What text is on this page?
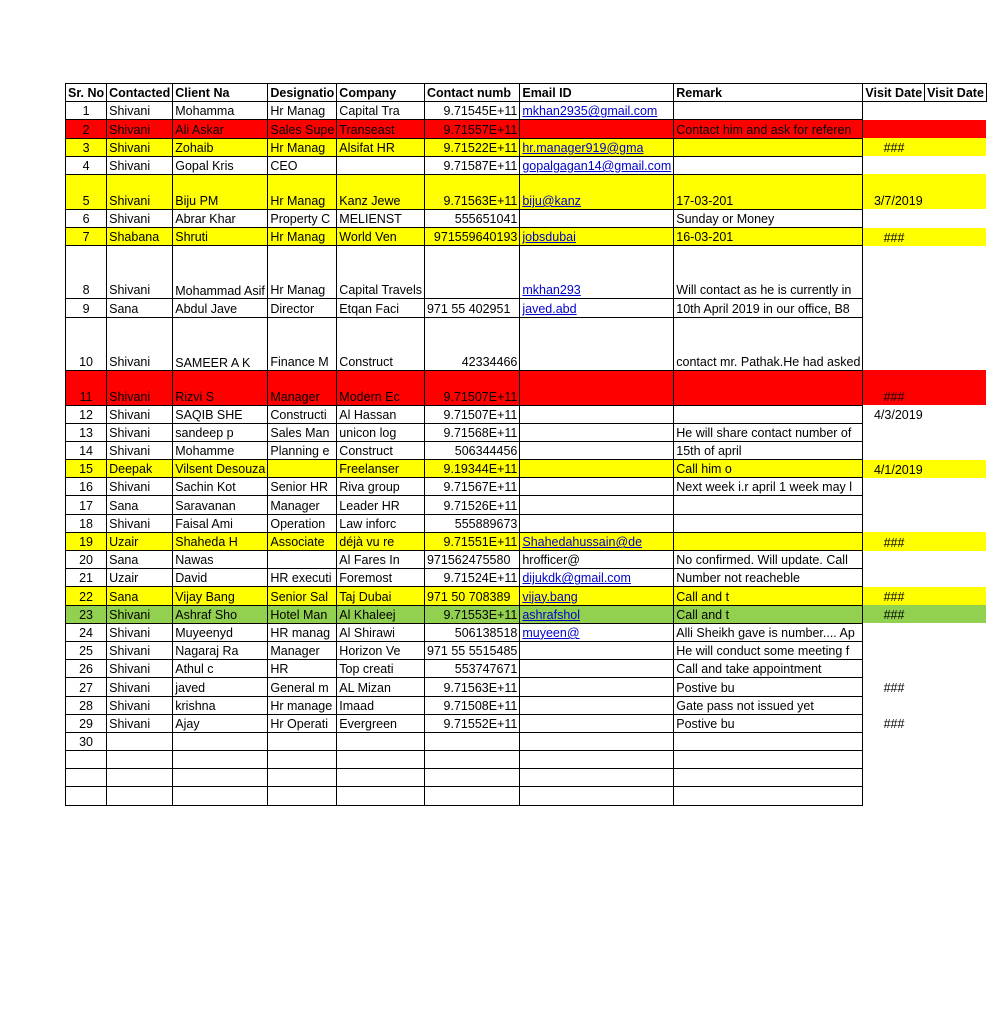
Sr. No	Contacted	Client Na	Designatio	Company	Contact numb	Email ID	Remark	Visit Date	Visit Date
1	Shivani	Mohamma	Hr Manag	Capital Tra	9.71545E+11	mkhan2935@gmail.com			
2	Shivani	Ali Askar	Sales Supe	Transeast	9.71557E+11		Contact him and ask for referen		
3	Shivani	Zohaib	Hr Manag	Alsifat HR	9.71522E+11	hr.manager919@gma		###	
4	Shivani	Gopal Kris	CEO		9.71587E+11	gopalgagan14@gmail.com			
5	Shivani	Biju PM	Hr Manag	Kanz Jewe	9.71563E+11	biju@kanz	17-03-201	3/7/2019	
6	Shivani	Abrar Khar	Property C	MELIENST	555651041		Sunday or Money		
7	Shabana	Shruti	Hr Manag	World Ven	971559640193	jobsdubai	16-03-201	###	
8	Shivani	Mohammad Asif	Hr Manag	Capital Travels		mkhan293	Will contact as he is currently in		
9	Sana	Abdul Jave	Director	Etqan Faci	971 55 402951	javed.abd	10th April 2019 in our office, B8		
10	Shivani	SAMEER A K	Finance M	Construct	42334466		contact mr. Pathak.He had asked		
11	Shivani	Rizvi S	Manager	Modern Ec	9.71507E+11			###	
12	Shivani	SAQIB SHE	Constructi	Al Hassan	9.71507E+11			4/3/2019	
13	Shivani	sandeep p	Sales Man	unicon log	9.71568E+11		He will share contact number of		
14	Shivani	Mohamme	Planning e	Construct	506344456		15th of april		
15	Deepak	Vilsent Desouza		Freelanser	9.19344E+11		Call him o	4/1/2019	
16	Shivani	Sachin Kot	Senior HR	Riva group	9.71567E+11		Next week i.r april 1 week may l		
17	Sana	Saravanan	Manager	Leader HR	9.71526E+11				
18	Shivani	Faisal Ami	Operation	Law inforc	555889673				
19	Uzair	Shaheda H	Associate	déjà vu re	9.71551E+11	Shahedahussain@de		###	
20	Sana	Nawas		Al Fares In	971562475580	hrofficer@	No confirmed. Will update. Call		
21	Uzair	David	HR executi	Foremost	9.71524E+11	dijukdk@gmail.com	Number not reacheble		
22	Sana	Vijay Bang	Senior Sal	Taj Dubai	971 50 708389	vijay.bang	Call and t	###	
23	Shivani	Ashraf Sho	Hotel Man	Al Khaleej	9.71553E+11	ashrafshol	Call and t	###	
24	Shivani	Muyeenyd	HR manag	Al Shirawi	506138518	muyeen@	Alli Sheikh gave is number.... Ap		
25	Shivani	Nagaraj Ra	Manager	Horizon Ve	971 55 5515485		He will conduct some meeting f		
26	Shivani	Athul c	HR	Top creati	553747671		Call and take appointment		
27	Shivani	javed	General m	AL Mizan	9.71563E+11		Postive bu	###	
28	Shivani	krishna	Hr manage	Imaad	9.71508E+11		Gate pass not issued yet		
29	Shivani	Ajay	Hr Operati	Evergreen	9.71552E+11		Postive bu	###	
30									
